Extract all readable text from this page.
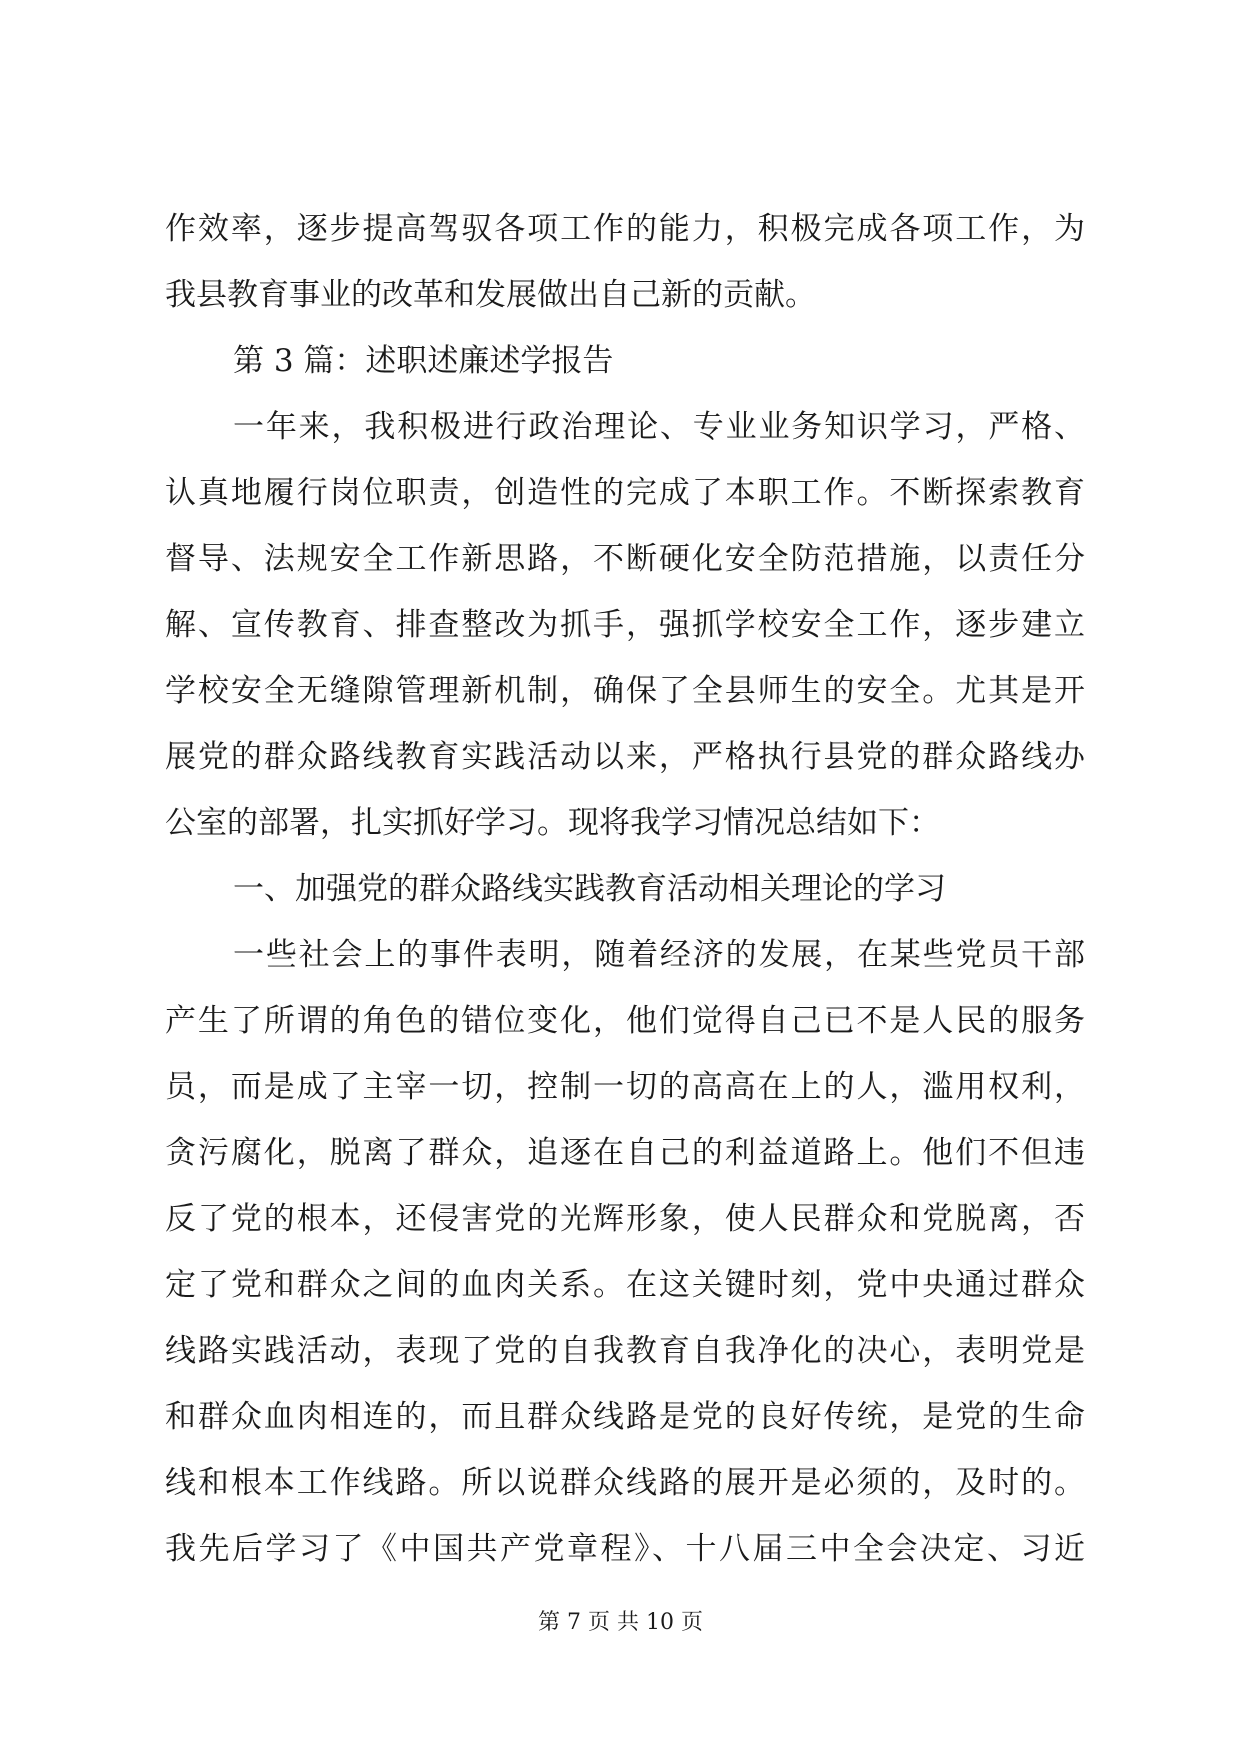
作效率，逐步提高驾驭各项工作的能力，积极完成各项工作，为
我县教育事业的改革和发展做出自己新的贡献。
第 3 篇：述职述廉述学报告
一年来，我积极进行政治理论、专业业务知识学习，严格、
认真地履行岗位职责，创造性的完成了本职工作。不断探索教育
督导、法规安全工作新思路，不断硬化安全防范措施，以责任分
解、宣传教育、排查整改为抓手，强抓学校安全工作，逐步建立
学校安全无缝隙管理新机制，确保了全县师生的安全。尤其是开
展党的群众路线教育实践活动以来，严格执行县党的群众路线办
公室的部署，扎实抓好学习。现将我学习情况总结如下：
一、加强党的群众路线实践教育活动相关理论的学习
一些社会上的事件表明，随着经济的发展，在某些党员干部
产生了所谓的角色的错位变化，他们觉得自己已不是人民的服务
员，而是成了主宰一切，控制一切的高高在上的人，滥用权利，
贪污腐化，脱离了群众，追逐在自己的利益道路上。他们不但违
反了党的根本，还侵害党的光辉形象，使人民群众和党脱离，否
定了党和群众之间的血肉关系。在这关键时刻，党中央通过群众
线路实践活动，表现了党的自我教育自我净化的决心，表明党是
和群众血肉相连的，而且群众线路是党的良好传统，是党的生命
线和根本工作线路。所以说群众线路的展开是必须的，及时的。
我先后学习了《中国共产党章程》、十八届三中全会决定、习近
第 7 页 共 10 页
